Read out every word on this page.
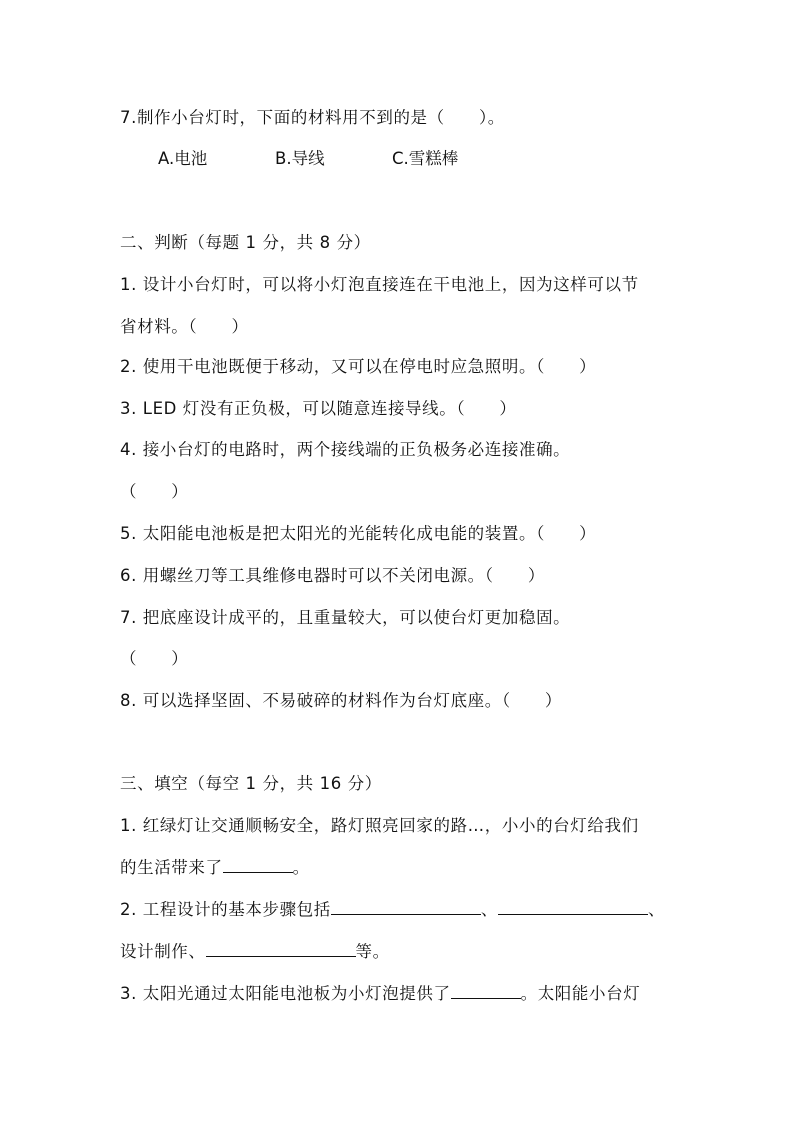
7.制作小台灯时，下面的材料用不到的是（　　）。
A.电池	B.导线	C.雪糕棒
二、判断（每题 1 分，共 8 分）
1. 设计小台灯时，可以将小灯泡直接连在干电池上，因为这样可以节
省材料。（　　）
2. 使用干电池既便于移动，又可以在停电时应急照明。（　　）
3. LED 灯没有正负极，可以随意连接导线。（　　）
4. 接小台灯的电路时，两个接线端的正负极务必连接准确。
（　　）
5. 太阳能电池板是把太阳光的光能转化成电能的装置。（　　）
6. 用螺丝刀等工具维修电器时可以不关闭电源。（　　）
7. 把底座设计成平的，且重量较大，可以使台灯更加稳固。
（　　）
8. 可以选择坚固、不易破碎的材料作为台灯底座。（　　）
三、填空（每空 1 分，共 16 分）
1. 红绿灯让交通顺畅安全，路灯照亮回家的路…，小小的台灯给我们
的生活带来了	。
2. 工程设计的基本步骤包括	、	、
设计制作、	等。
3. 太阳光通过太阳能电池板为小灯泡提供了	。太阳能小台灯
